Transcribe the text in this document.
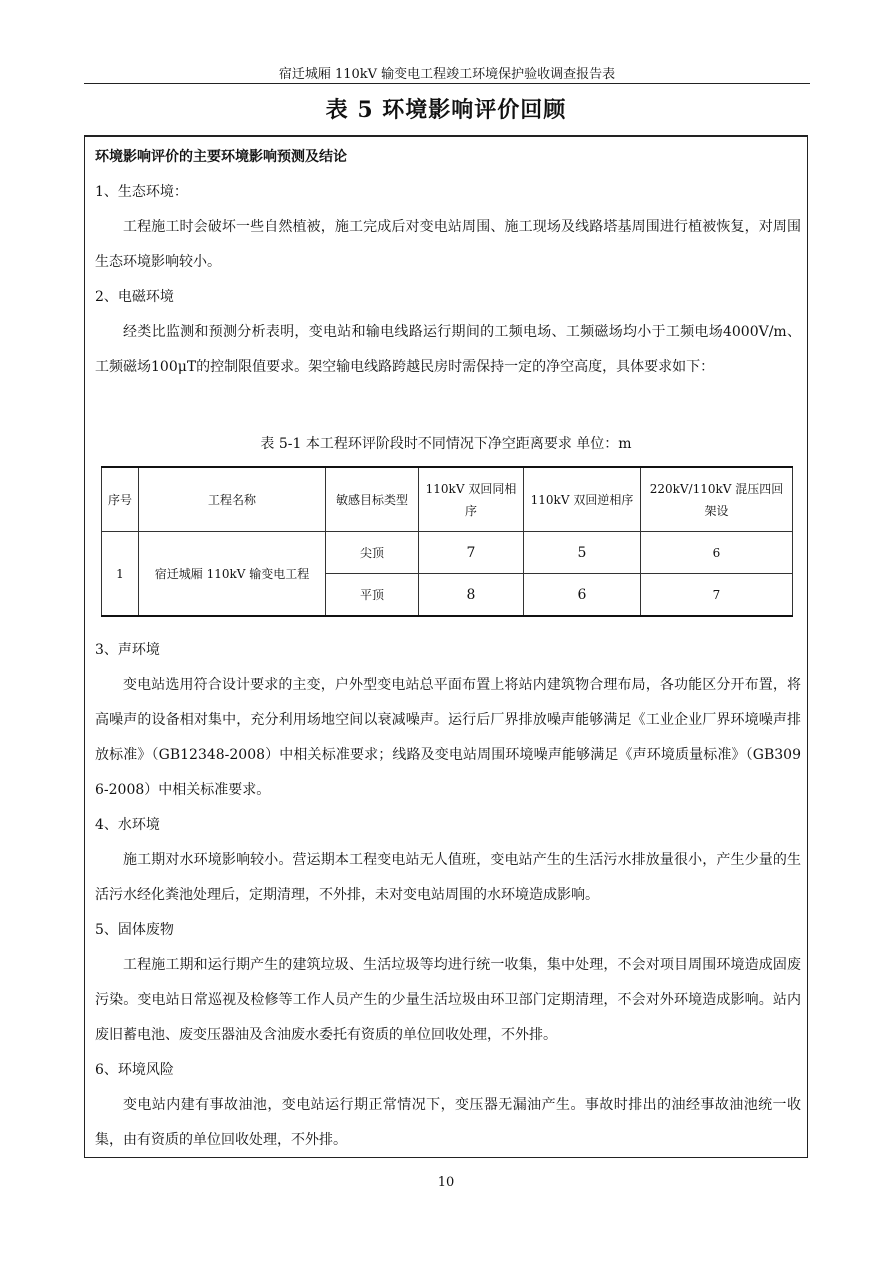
宿迁城厢 110kV 输变电工程竣工环境保护验收调查报告表
表 5 环境影响评价回顾
环境影响评价的主要环境影响预测及结论
1、生态环境：

工程施工时会破坏一些自然植被，施工完成后对变电站周围、施工现场及线路塔基周围进行植被恢复，对周围生态环境影响较小。

2、电磁环境

经类比监测和预测分析表明，变电站和输电线路运行期间的工频电场、工频磁场均小于工频电场4000V/m、工频磁场100μT的控制限值要求。架空输电线路跨越民房时需保持一定的净空高度，具体要求如下：

表 5-1 本工程环评阶段时不同情况下净空距离要求 单位：m
序号	工程名称	敏感目标类型	110kV 双回同相序	110kV 双回逆相序	220kV/110kV 混压四回架设
1	宿迁城厢 110kV 输变电工程	尖顶	7	5	6
		平顶	8	6	7
3、声环境

变电站选用符合设计要求的主变，户外型变电站总平面布置上将站内建筑物合理布局，各功能区分开布置，将高噪声的设备相对集中，充分利用场地空间以衰减噪声。运行后厂界排放噪声能够满足《工业企业厂界环境噪声排放标准》（GB12348-2008）中相关标准要求；线路及变电站周围环境噪声能够满足《声环境质量标准》（GB3096-2008）中相关标准要求。

4、水环境

施工期对水环境影响较小。营运期本工程变电站无人值班，变电站产生的生活污水排放量很小，产生少量的生活污水经化粪池处理后，定期清理，不外排，未对变电站周围的水环境造成影响。

5、固体废物

工程施工期和运行期产生的建筑垃圾、生活垃圾等均进行统一收集，集中处理，不会对项目周围环境造成固废污染。变电站日常巡视及检修等工作人员产生的少量生活垃圾由环卫部门定期清理，不会对外环境造成影响。站内废旧蓄电池、废变压器油及含油废水委托有资质的单位回收处理，不外排。

6、环境风险

变电站内建有事故油池，变电站运行期正常情况下，变压器无漏油产生。事故时排出的油经事故油池统一收集，由有资质的单位回收处理，不外排。

10
